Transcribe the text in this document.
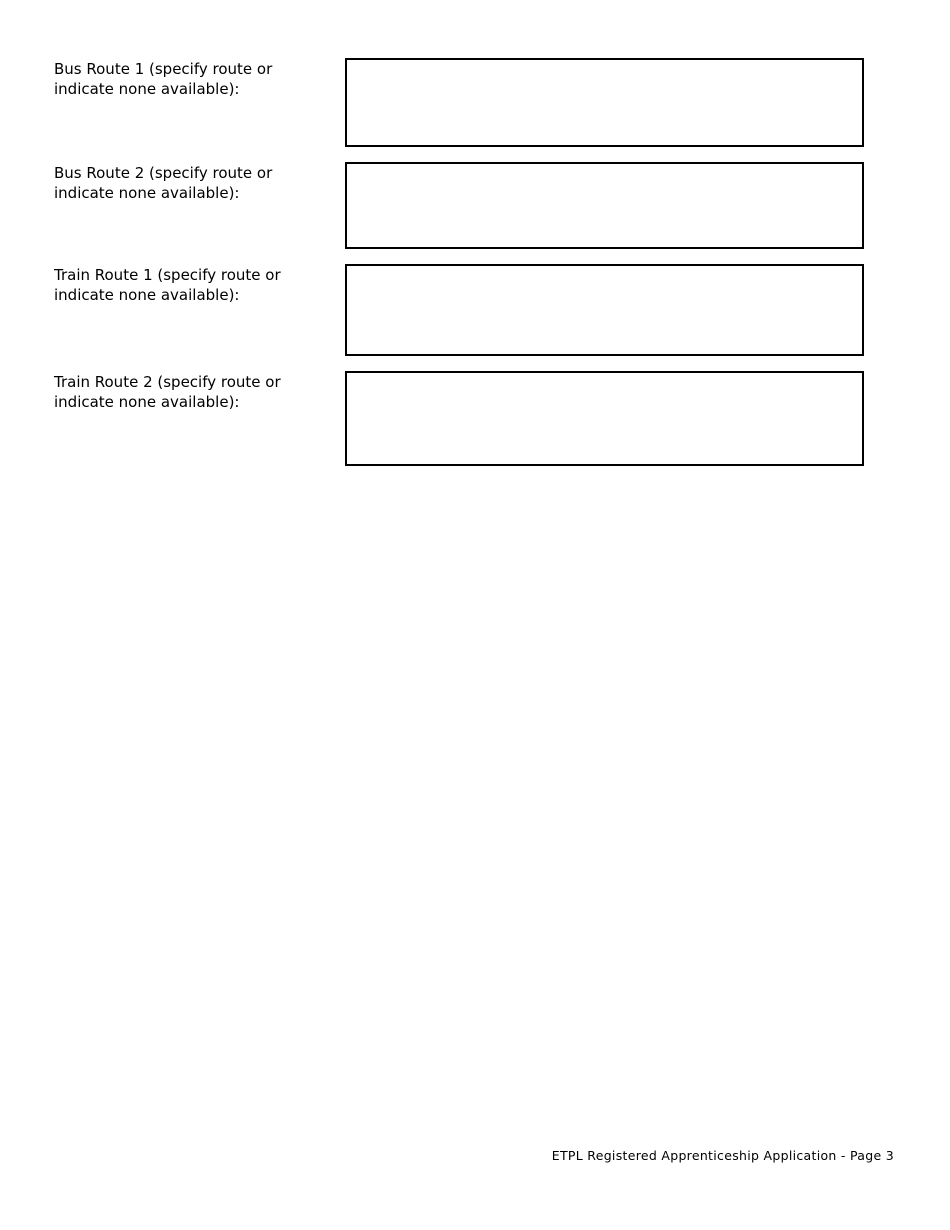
Bus Route 1 (specify route or
indicate none available):

Bus Route 2 (specify route or
indicate none available):

Train Route 1 (specify route or
indicate none available):

Train Route 2 (specify route or
indicate none available):

ETPL Registered Apprenticeship Application - Page 3
